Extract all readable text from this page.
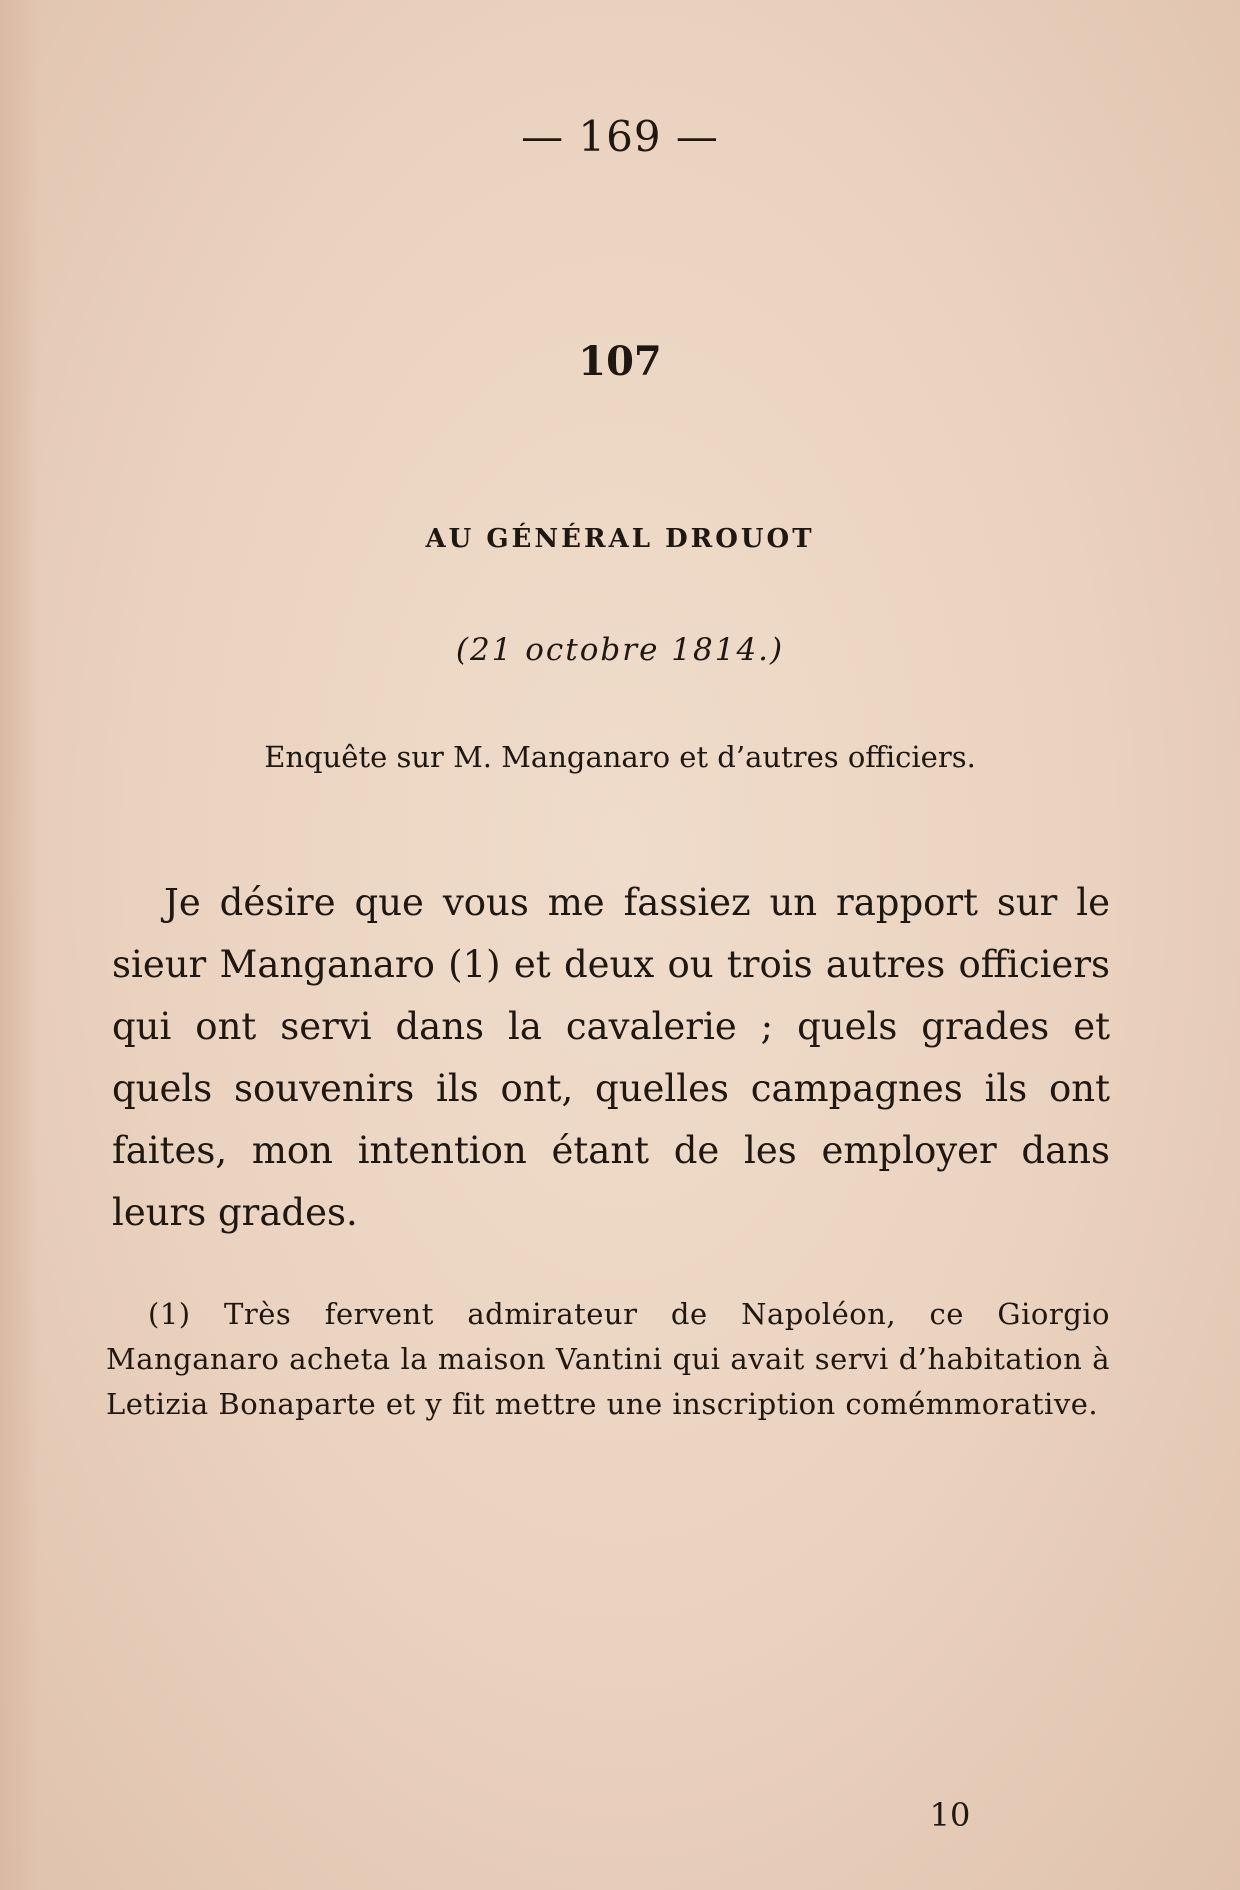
— 169 —
107
AU GÉNÉRAL DROUOT
(21 octobre 1814.)
Enquête sur M. Manganaro et d’autres officiers.

Je désire que vous me fassiez un rapport sur le sieur Manganaro (1) et deux ou trois autres officiers qui ont servi dans la cavalerie ; quels grades et quels souvenirs ils ont, quelles campagnes ils ont faites, mon intention étant de les employer dans leurs grades.

(1) Très fervent admirateur de Napoléon, ce Giorgio Manganaro acheta la maison Vantini qui avait servi d’habitation à Letizia Bonaparte et y fit mettre une inscription comémmorative.

10
